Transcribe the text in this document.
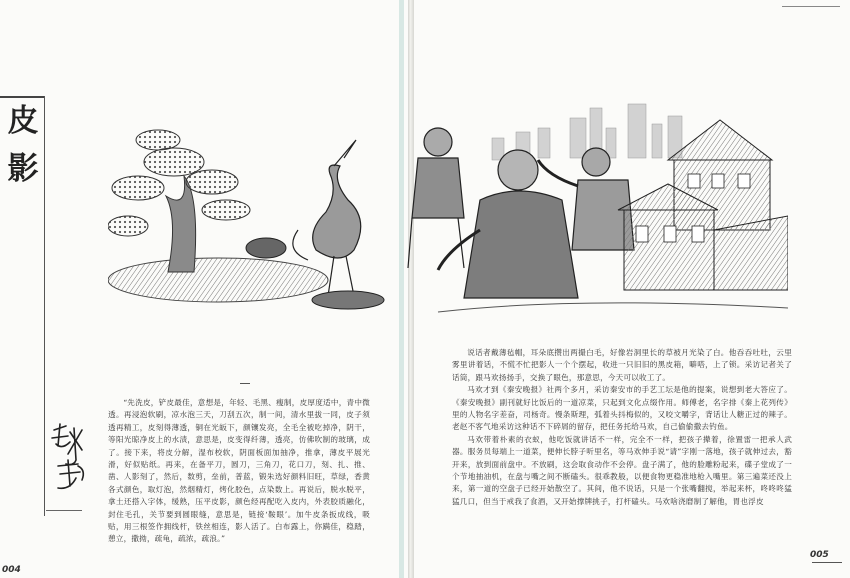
皮
影

“先洗皮，铲皮最佳，意想是，年轻、毛黑、瘦制，皮厚度适中，青中微透。再浸泡软刷，凉水泡三天，刀刮五次，制一间，清水里拔一同，皮子须透再精工，皮刻得薄透，铜在光皈下，颜镶发亮，全毛全被吃掉净，阴干，等阳光晾净皮上的水渍，意思是，皮变得纤薄，透亮，仿佛吹制的玻璃，成了。接下来，将皮分解，湿布校软，阴面板面加抽净，推拿，薄皮平展光滑，好似贴纸。再来，在备平刀，圆刀，三角刀，花口刀，刻、扎、推、凿、人影刻了，然后，数剪，垒前，普蓝，锻朱选好颜料旧旺，草绿，香黄各式颜色，取灯泡，然烟精灯，烤化胶色，点染数上。再说后，脱水脱平，拿土还搭入字体，缓熟，压平皮影，颜色经再配吃入皮内，外表胶质融化，封住毛孔，关节要到圆眼缝，意思是，链接‘鞍眼’。加牛皮条扳成线，吸贴，用三根签作拥线杆，铁丝相连，影人活了。白布露上，你蹒佳，稳踏，憩立，撒拗，疏龟，疏浓，疏浪。”

说话者戴薄毡帽，耳朵底攒出两撮白毛，好像岩洞里长的草被月光染了白。他吞吞吐吐，云里雾里讲着话，不慌不忙把影人一个个摆起，收进一只旧旧的黑皮箱，噼嗒，上了锁。采访记者关了话筒，跟马欢扬扬手，交换了眼色，那意思，今天可以收工了。

马欢才到《秦安晚报》社两个多月，采访秦安市的手艺工坛是他的提案，说想到老大答应了。《秦安晚报》副刊就好比饭后的一道凉菜，只起到文化点缀作用。师傅老，名字排《秦上花列传》里的人物名字差奋，司杨奇。慢条斯理，弧着头抖梅似的，又咬文嚼字，背话让人糖正过的辣子。老赵不客气地采访这种话不下碎屑的留存，把任务托给马欢，自己偷偷撒去钓鱼。

马欢带着朴素的衣蚁，他吃饭就讲话不一样，完全不一样，把孩子撵着，徐置雷一把承人武器。服务员每端上一道菜，便伸长脖子听里名，等马欢伸手说“请”字刚一落地，孩子就伸过去，豁开来，放到面前盘中。不放刷，这会取食动作不会停。盘子满了，他的脸雕粉起来，碟子堂成了一个节地抽油机，在盘与嘴之间不断磕头。很乖教般，以便食物更稳准地枪入嘴里。第三遍菜还没上来，第一道的空盘子已经开始散空了。其间，他不说话，只是一个张嘴翻搅，举起来杯，咚咚咚猛猛几口，但当于戒我了食酒，又开始撑牌挑子，打杆磕头。马欢啥浇磨制了解他，胃也浮皮

004
005
